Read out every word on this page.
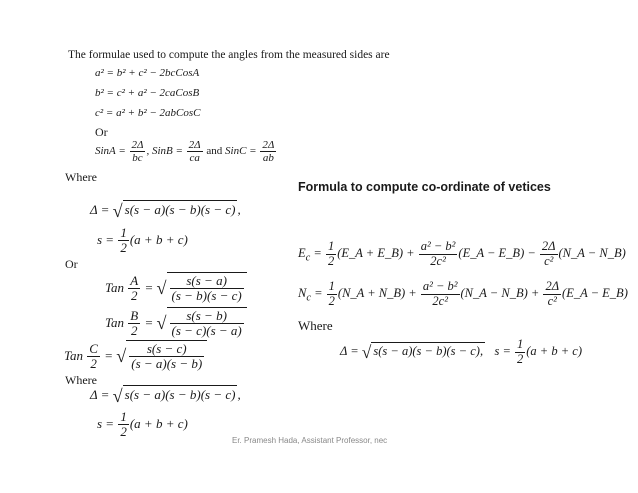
The formulae used to compute the angles from the measured sides are
a² = b² + c² − 2bcCosA
b² = c² + a² − 2caCosB
c² = a² + b² − 2abCosC
Or
SinA = $\frac{2\Delta}{bc}$ , SinB = $\frac{2\Delta}{ca}$ and SinC = $\frac{2\Delta}{ab}$
Where
Δ = √ s(s − a)(s − b)(s − c) ,
$s = \frac{1}{2} (a + b + c)$
Or
Tan $\frac{A}{2}$ = √ $\frac{s(s - a)}{(s - b)(s - c)}$
Tan $\frac{B}{2}$ = √ $\frac{s(s - b)}{(s - c)(s - a)}$
Tan $\frac{C}{2}$ = √ $\frac{s(s - c)}{(s - a)(s - b)}$
Where
Δ = √ s(s − a)(s − b)(s − c) ,
$s = \frac{1}{2} (a + b + c)$
Formula to compute co-ordinate of vetices
$E_c = \frac{1}{2}$ (E_A + E_B) + $\frac{\text{a² − b²}}{\text{2c²}}$ (E_A − E_B) − $\frac{2\Delta}{\text{c²}}$ (N_A − N_B)
$N_c = \frac{1}{2}$ (N_A + N_B) + $\frac{\text{a² − b²}}{\text{2c²}}$ (N_A − N_B) + $\frac{2\Delta}{\text{c²}}$ (E_A − E_B)
Where
Δ = √ s(s − a)(s − b)(s − c), $s = \frac{1}{2} (a + b + c)$
Er. Pramesh Hada, Assistant Professor, nec
